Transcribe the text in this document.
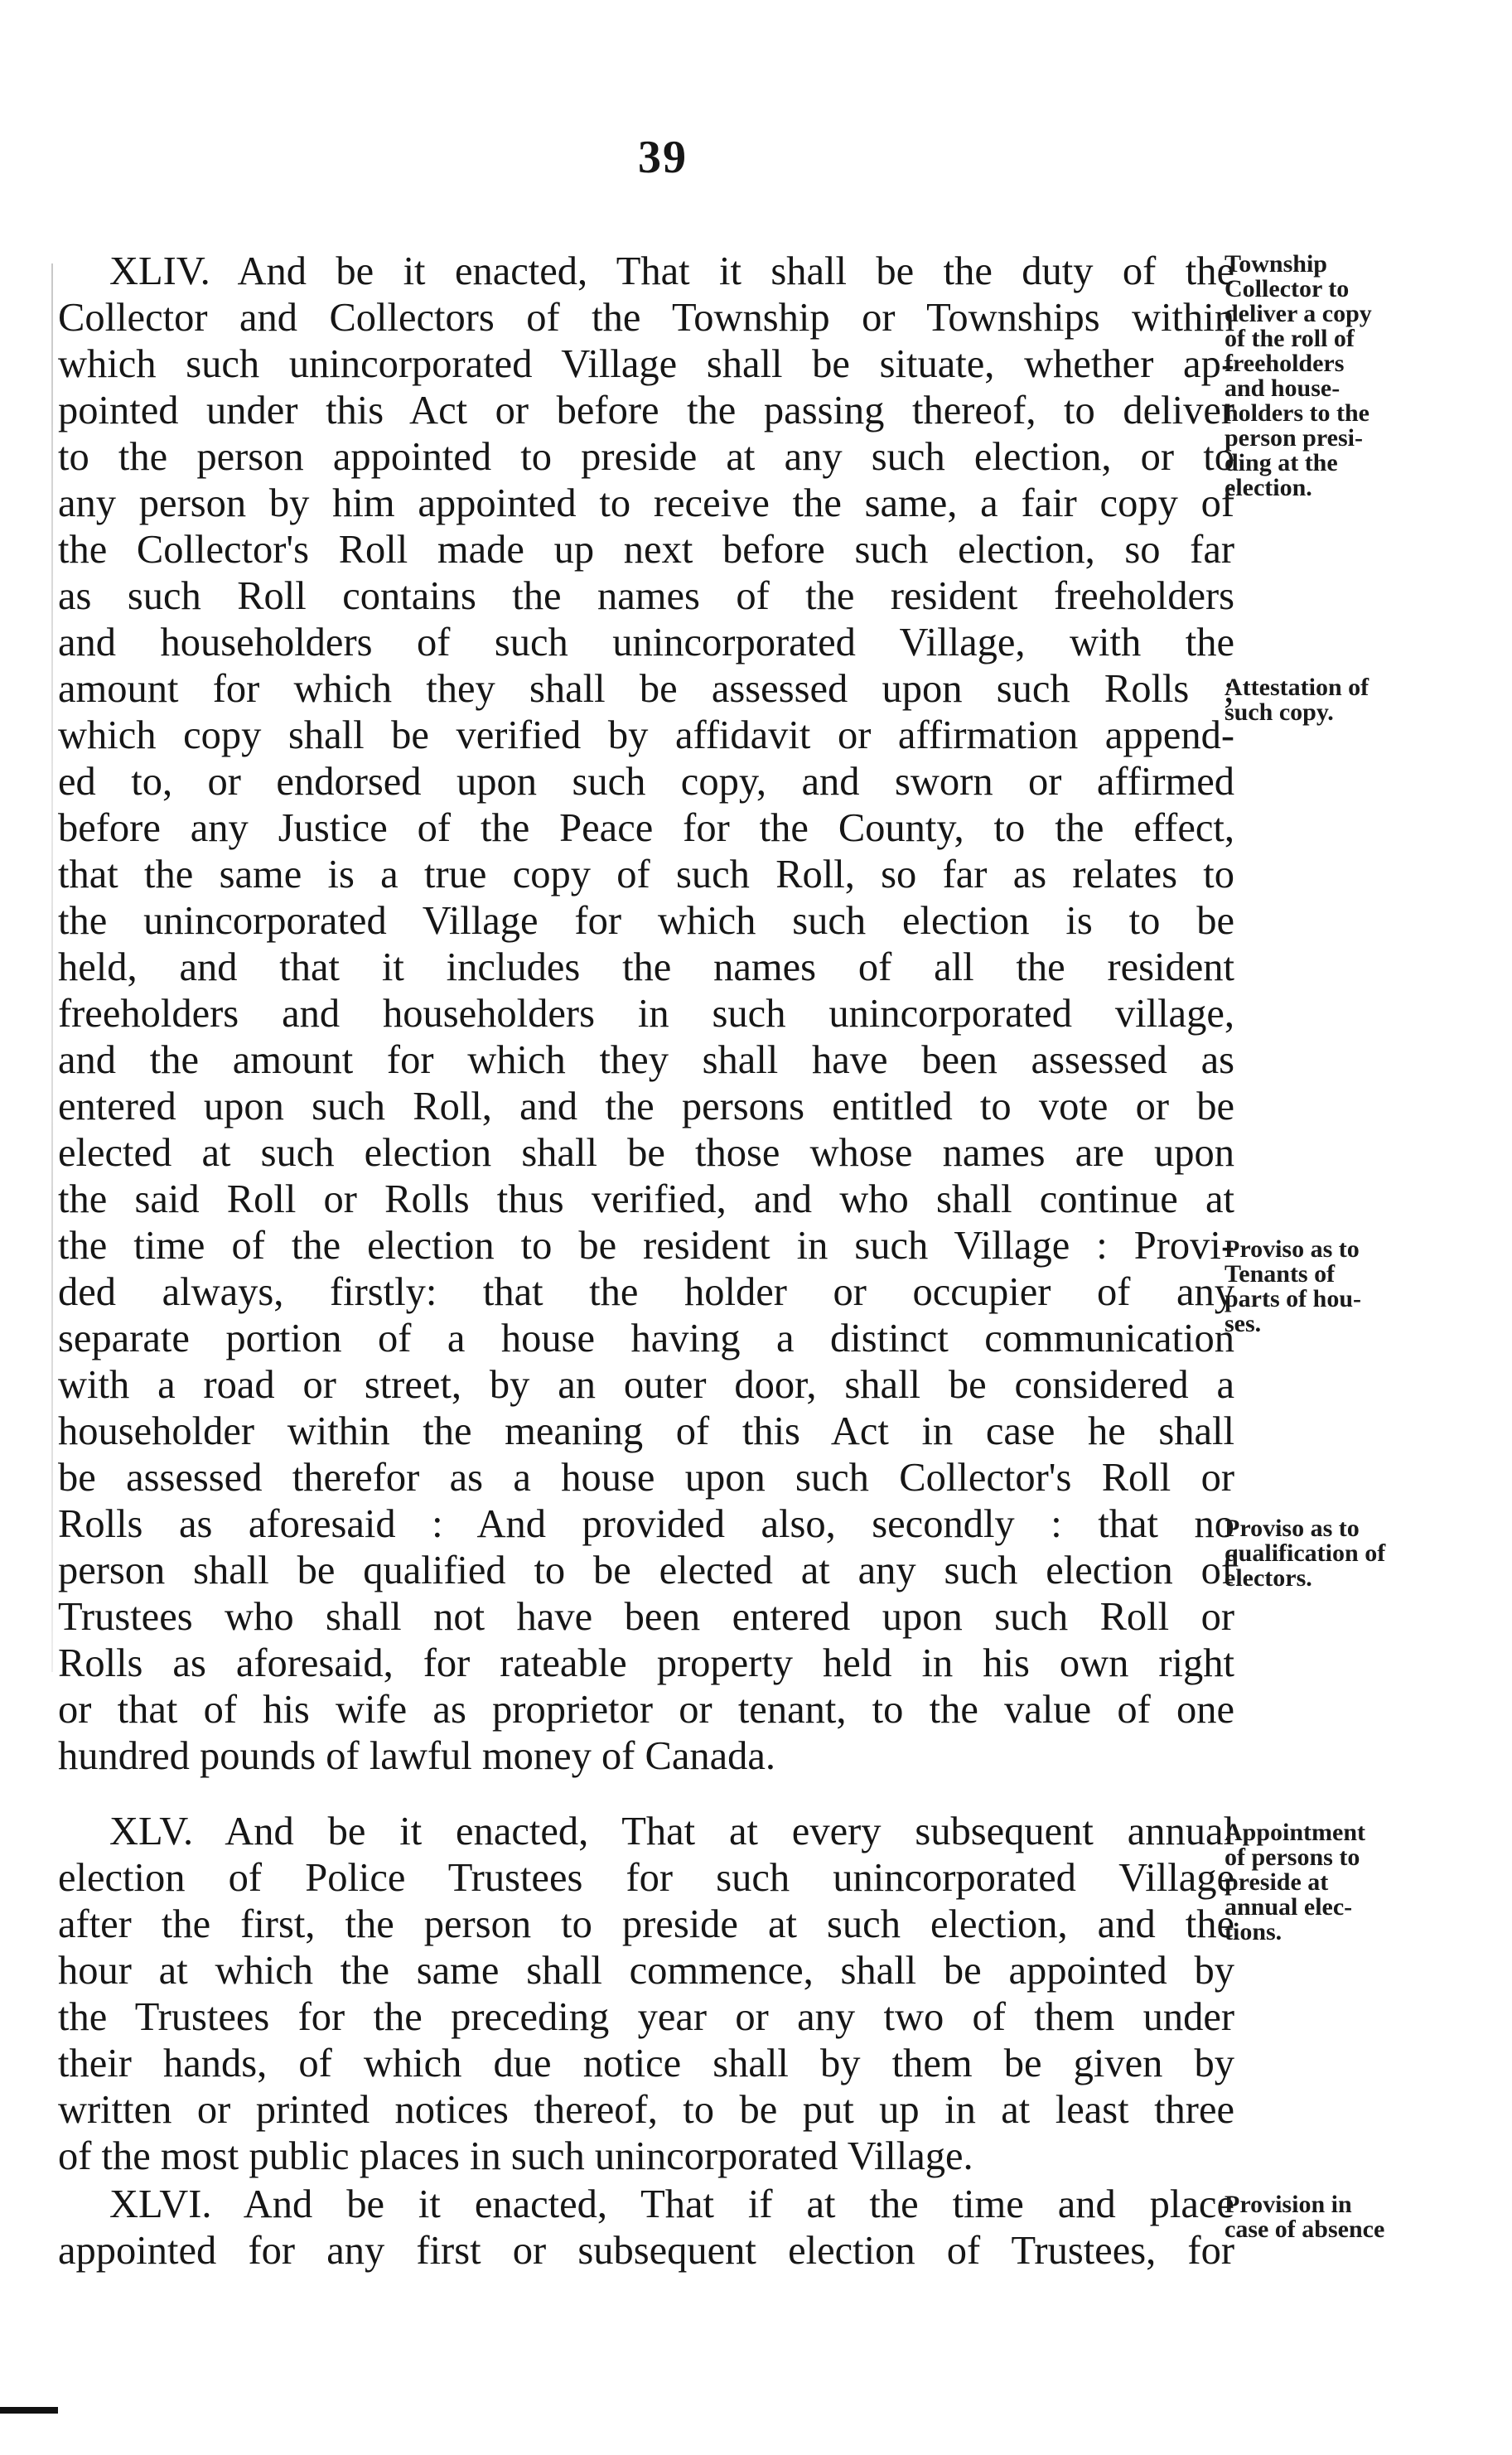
39
XLIV. And be it enacted, That it shall be the duty of the
Collector and Collectors of the Township or Townships within
which such unincorporated Village shall be situate, whether ap-
pointed under this Act or before the passing thereof, to deliver
to the person appointed to preside at any such election, or to
any person by him appointed to receive the same, a fair copy of
the Collector's Roll made up next before such election, so far
as such Roll contains the names of the resident freeholders
and householders of such unincorporated Village, with the
amount for which they shall be assessed upon such Rolls ;
which copy shall be verified by affidavit or affirmation append-
ed to, or endorsed upon such copy, and sworn or affirmed
before any Justice of the Peace for the County, to the effect,
that the same is a true copy of such Roll, so far as relates to
the unincorporated Village for which such election is to be
held, and that it includes the names of all the resident
freeholders and householders in such unincorporated village,
and the amount for which they shall have been assessed as
entered upon such Roll, and the persons entitled to vote or be
elected at such election shall be those whose names are upon
the said Roll or Rolls thus verified, and who shall continue at
the time of the election to be resident in such Village : Provi-
ded always, firstly: that the holder or occupier of any
separate portion of a house having a distinct communication
with a road or street, by an outer door, shall be considered a
householder within the meaning of this Act in case he shall
be assessed therefor as a house upon such Collector's Roll or
Rolls as aforesaid : And provided also, secondly : that no
person shall be qualified to be elected at any such election of
Trustees who shall not have been entered upon such Roll or
Rolls as aforesaid, for rateable property held in his own right
or that of his wife as proprietor or tenant, to the value of one
hundred pounds of lawful money of Canada.
XLV. And be it enacted, That at every subsequent annual
election of Police Trustees for such unincorporated Village
after the first, the person to preside at such election, and the
hour at which the same shall commence, shall be appointed by
the Trustees for the preceding year or any two of them under
their hands, of which due notice shall by them be given by
written or printed notices thereof, to be put up in at least three
of the most public places in such unincorporated Village.
XLVI. And be it enacted, That if at the time and place
appointed for any first or subsequent election of Trustees, for
Township
Collector to
deliver a copy
of the roll of
freeholders
and house-
holders to the
person presi-
ding at the
election.
Attestation of
such copy.
Proviso as to
Tenants of
parts of hou-
ses.
Proviso as to
qualification of
electors.
Appointment
of persons to
preside at
annual elec-
tions.
Provision in
case of absence
